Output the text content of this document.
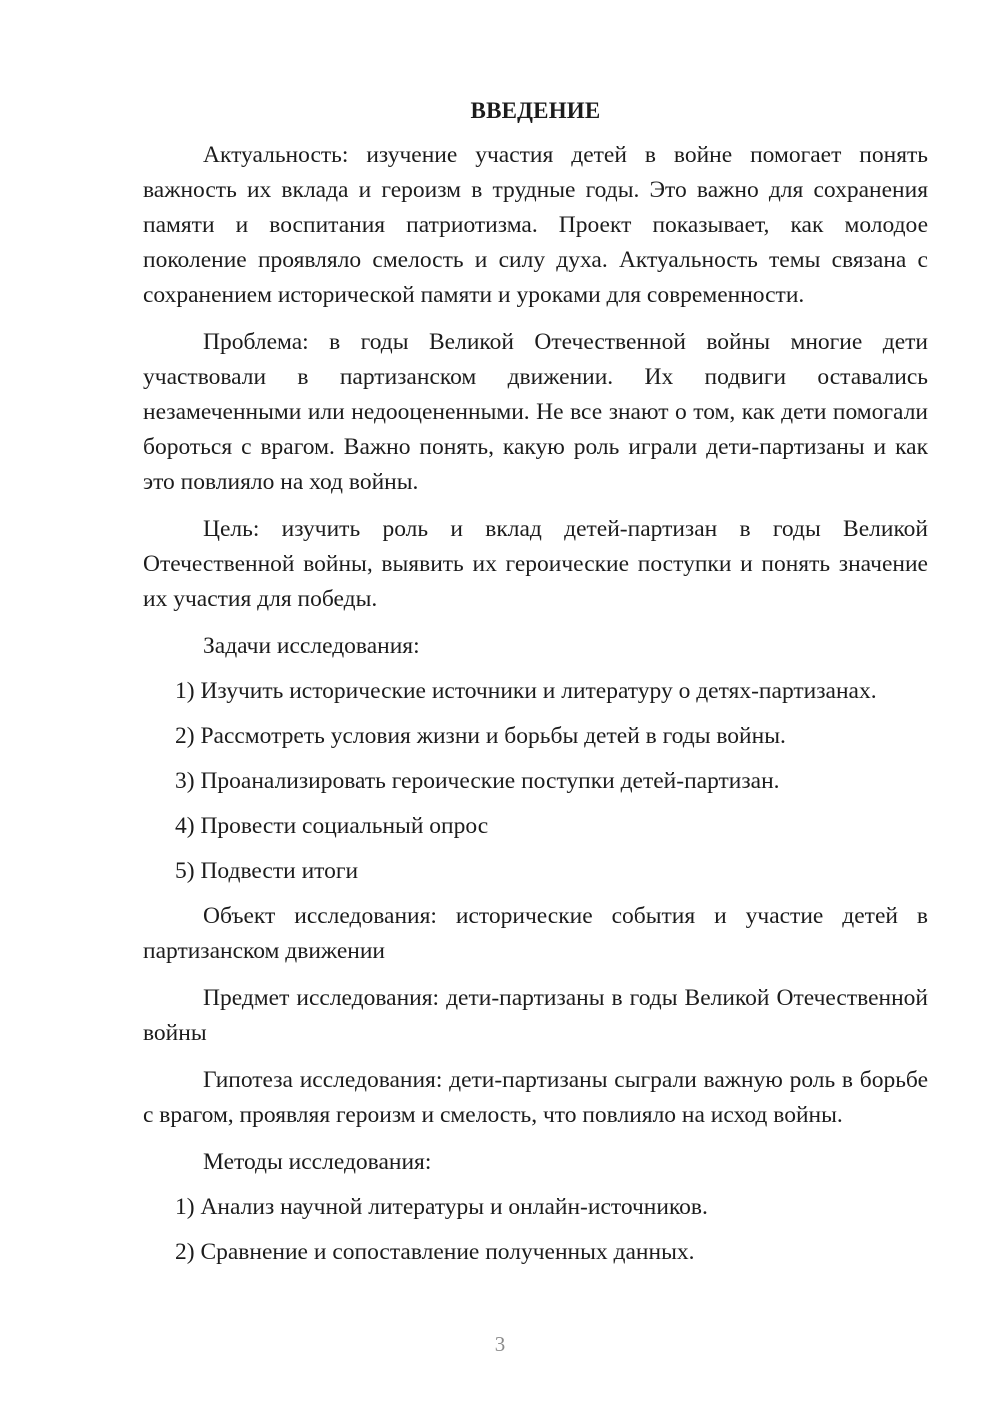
ВВЕДЕНИЕ

Актуальность: изучение участия детей в войне помогает понять важность их вклада и героизм в трудные годы. Это важно для сохранения памяти и воспитания патриотизма. Проект показывает, как молодое поколение проявляло смелость и силу духа. Актуальность темы связана с сохранением исторической памяти и уроками для современности.

Проблема: в годы Великой Отечественной войны многие дети участвовали в партизанском движении. Их подвиги оставались незамеченными или недооцененными. Не все знают о том, как дети помогали бороться с врагом. Важно понять, какую роль играли дети-партизаны и как это повлияло на ход войны.

Цель: изучить роль и вклад детей-партизан в годы Великой Отечественной войны, выявить их героические поступки и понять значение их участия для победы.

Задачи исследования:
1) Изучить исторические источники и литературу о детях-партизанах.
2) Рассмотреть условия жизни и борьбы детей в годы войны.
3) Проанализировать героические поступки детей-партизан.
4) Провести социальный опрос
5) Подвести итоги

Объект исследования: исторические события и участие детей в партизанском движении

Предмет исследования: дети-партизаны в годы Великой Отечественной войны

Гипотеза исследования: дети-партизаны сыграли важную роль в борьбе с врагом, проявляя героизм и смелость, что повлияло на исход войны.

Методы исследования:
1) Анализ научной литературы и онлайн-источников.
2) Сравнение и сопоставление полученных данных.
3
